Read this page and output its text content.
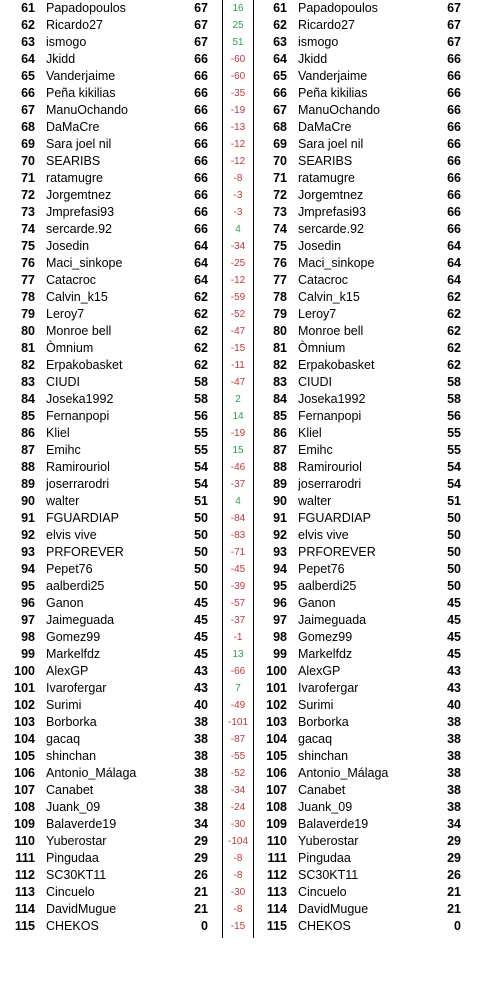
61 Papadopoulos	67	16	61 Papadopoulos	67
62 Ricardo27	67	25	62 Ricardo27	67
63 ismogo	67	51	63 ismogo	67
64 Jkidd	66	-60	64 Jkidd	66
65 Vanderjaime	66	-60	65 Vanderjaime	66
66 Peña kikilias	66	-35	66 Peña kikilias	66
67 ManuOchando	66	-19	67 ManuOchando	66
68 DaMaCre	66	-13	68 DaMaCre	66
69 Sara joel nil	66	-12	69 Sara joel nil	66
70 SEARIBS	66	-12	70 SEARIBS	66
71 ratamugre	66	-8	71 ratamugre	66
72 Jorgemtnez	66	-3	72 Jorgemtnez	66
73 Jmprefasi93	66	-3	73 Jmprefasi93	66
74 sercarde.92	66	4	74 sercarde.92	66
75 Josedin	64	-34	75 Josedin	64
76 Maci_sinkope	64	-25	76 Maci_sinkope	64
77 Catacroc	64	-12	77 Catacroc	64
78 Calvin_k15	62	-59	78 Calvin_k15	62
79 Leroy7	62	-52	79 Leroy7	62
80 Monroe bell	62	-47	80 Monroe bell	62
81 Òmnium	62	-15	81 Òmnium	62
82 Erpakobasket	62	-11	82 Erpakobasket	62
83 CIUDI	58	-47	83 CIUDI	58
84 Joseka1992	58	2	84 Joseka1992	58
85 Fernanpopi	56	14	85 Fernanpopi	56
86 Kliel	55	-19	86 Kliel	55
87 Emihc	55	15	87 Emihc	55
88 Ramirouriol	54	-46	88 Ramirouriol	54
89 joserrarodri	54	-37	89 joserrarodri	54
90 walter	51	4	90 walter	51
91 FGUARDIAP	50	-84	91 FGUARDIAP	50
92 elvis vive	50	-83	92 elvis vive	50
93 PRFOREVER	50	-71	93 PRFOREVER	50
94 Pepet76	50	-45	94 Pepet76	50
95 aalberdi25	50	-39	95 aalberdi25	50
96 Ganon	45	-57	96 Ganon	45
97 Jaimeguada	45	-37	97 Jaimeguada	45
98 Gomez99	45	-1	98 Gomez99	45
99 Markelfdz	45	13	99 Markelfdz	45
100 AlexGP	43	-66	100 AlexGP	43
101 Ivarofergar	43	7	101 Ivarofergar	43
102 Surimi	40	-49	102 Surimi	40
103 Borborka	38	-101	103 Borborka	38
104 gacaq	38	-87	104 gacaq	38
105 shinchan	38	-55	105 shinchan	38
106 Antonio_Málaga	38	-52	106 Antonio_Málaga	38
107 Canabet	38	-34	107 Canabet	38
108 Juank_09	38	-24	108 Juank_09	38
109 Balaverde19	34	-30	109 Balaverde19	34
110 Yuberostar	29	-104	110 Yuberostar	29
111 Pingudaa	29	-8	111 Pingudaa	29
112 SC30KT11	26	-8	112 SC30KT11	26
113 Cincuelo	21	-30	113 Cincuelo	21
114 DavidMugue	21	-8	114 DavidMugue	21
115 CHEKOS	0	-15	115 CHEKOS	0
